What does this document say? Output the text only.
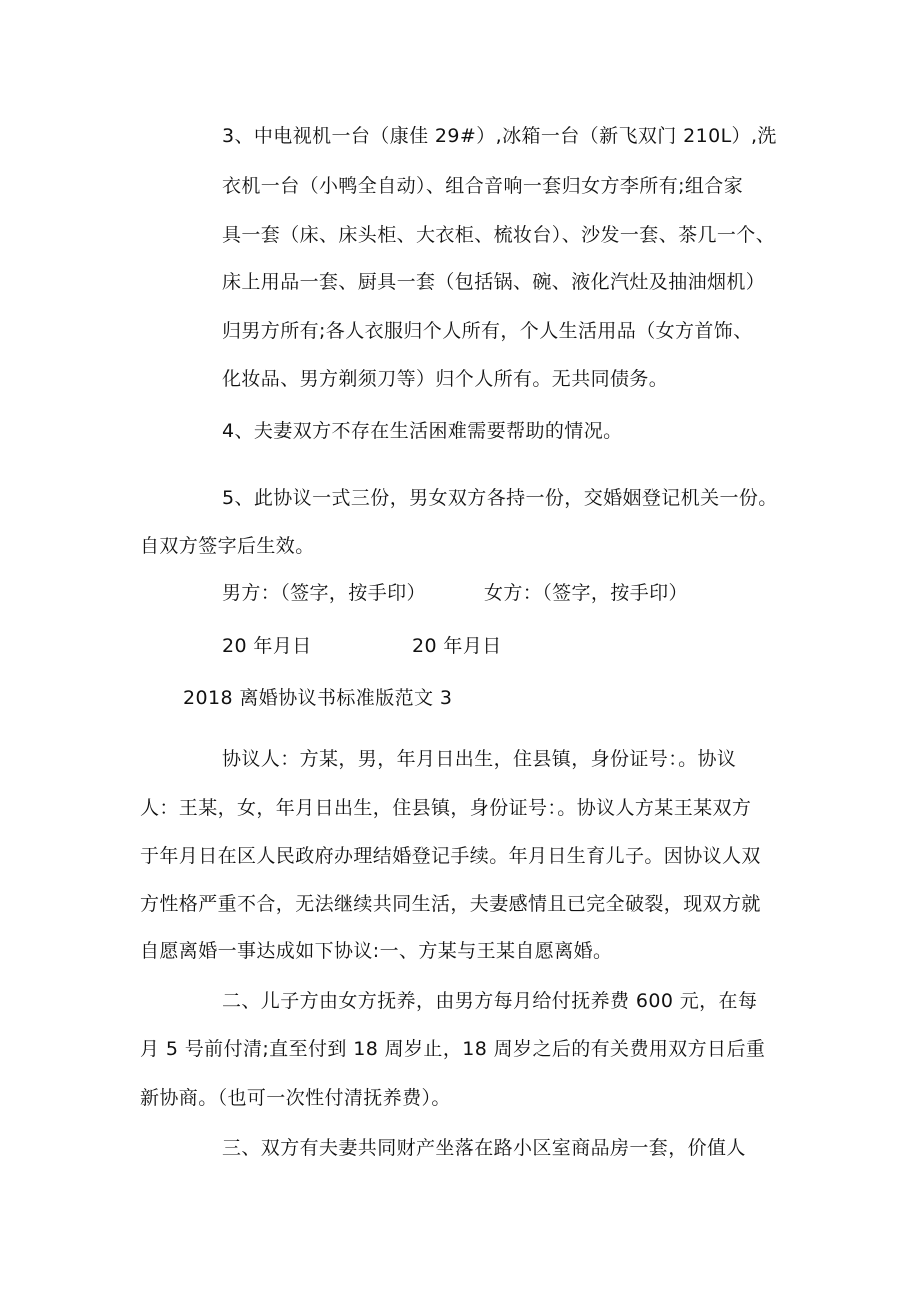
3、中电视机一台（康佳 29#）,冰箱一台（新飞双门 210L）,洗
衣机一台（小鸭全自动）、组合音响一套归女方李所有;组合家
具一套（床、床头柜、大衣柜、梳妆台）、沙发一套、茶几一个、
床上用品一套、厨具一套（包括锅、碗、液化汽灶及抽油烟机）
归男方所有;各人衣服归个人所有，个人生活用品（女方首饰、
化妆品、男方剃须刀等）归个人所有。无共同债务。
4、夫妻双方不存在生活困难需要帮助的情况。
5、此协议一式三份，男女双方各持一份，交婚姻登记机关一份。
自双方签字后生效。
男方：（签字，按手印）	女方：（签字，按手印）
20 年月日	20 年月日
2018 离婚协议书标准版范文 3
协议人：方某，男，年月日出生，住县镇，身份证号：。协议
人：王某，女，年月日出生，住县镇，身份证号：。协议人方某王某双方
于年月日在区人民政府办理结婚登记手续。年月日生育儿子。因协议人双
方性格严重不合，无法继续共同生活，夫妻感情且已完全破裂，现双方就
自愿离婚一事达成如下协议:一、方某与王某自愿离婚。
二、儿子方由女方抚养，由男方每月给付抚养费 600 元，在每
月 5 号前付清;直至付到 18 周岁止，18 周岁之后的有关费用双方日后重
新协商。（也可一次性付清抚养费）。
三、双方有夫妻共同财产坐落在路小区室商品房一套，价值人
